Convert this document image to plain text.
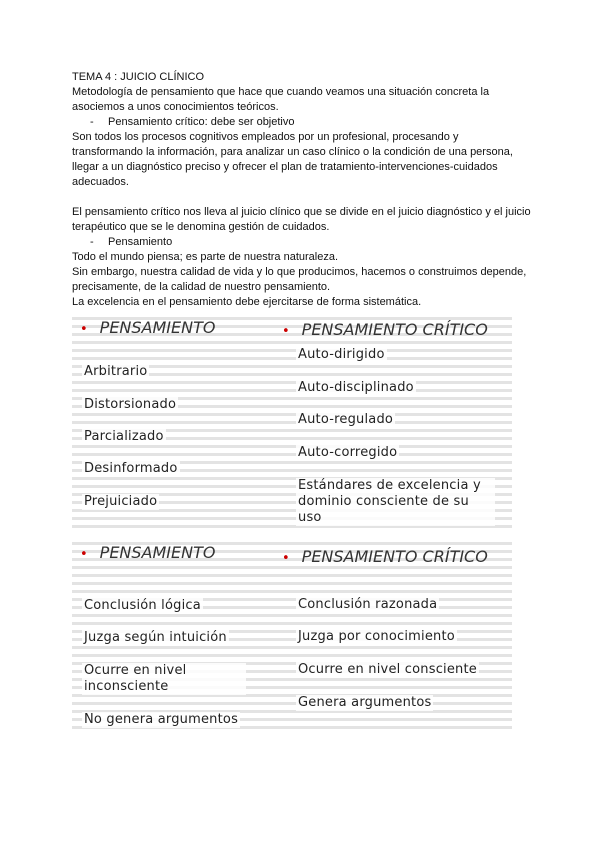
TEMA 4 : JUICIO CLÍNICO

Metodología de pensamiento que hace que cuando veamos una situación concreta la asociemos a unos conocimientos teóricos.

- Pensamiento crítico: debe ser objetivo

Son todos los procesos cognitivos empleados por un profesional, procesando y transformando la información, para analizar un caso clínico o la condición de una persona, llegar a un diagnóstico preciso y ofrecer el plan de tratamiento-intervenciones-cuidados adecuados.

El pensamiento crítico nos lleva al juicio clínico que se divide en el juicio diagnóstico y el juicio terapéutico que se le denomina gestión de cuidados.

- Pensamiento

Todo el mundo piensa; es parte de nuestra naturaleza.

Sin embargo, nuestra calidad de vida y lo que producimos, hacemos o construimos depende, precisamente, de la calidad de nuestro pensamiento.

La excelencia en el pensamiento debe ejercitarse de forma sistemática.

• PENSAMIENTO	• PENSAMIENTO CRÍTICO
Arbitrario
Distorsionado
Parcializado
Desinformado
Prejuiciado
Auto-dirigido
Auto-disciplinado
Auto-regulado
Auto-corregido
Estándares de excelencia y dominio consciente de su uso
• PENSAMIENTO	• PENSAMIENTO CRÍTICO
Conclusión lógica
Juzga según intuición
Ocurre en nivel inconsciente
No genera argumentos
Conclusión razonada
Juzga por conocimiento
Ocurre en nivel consciente
Genera argumentos
